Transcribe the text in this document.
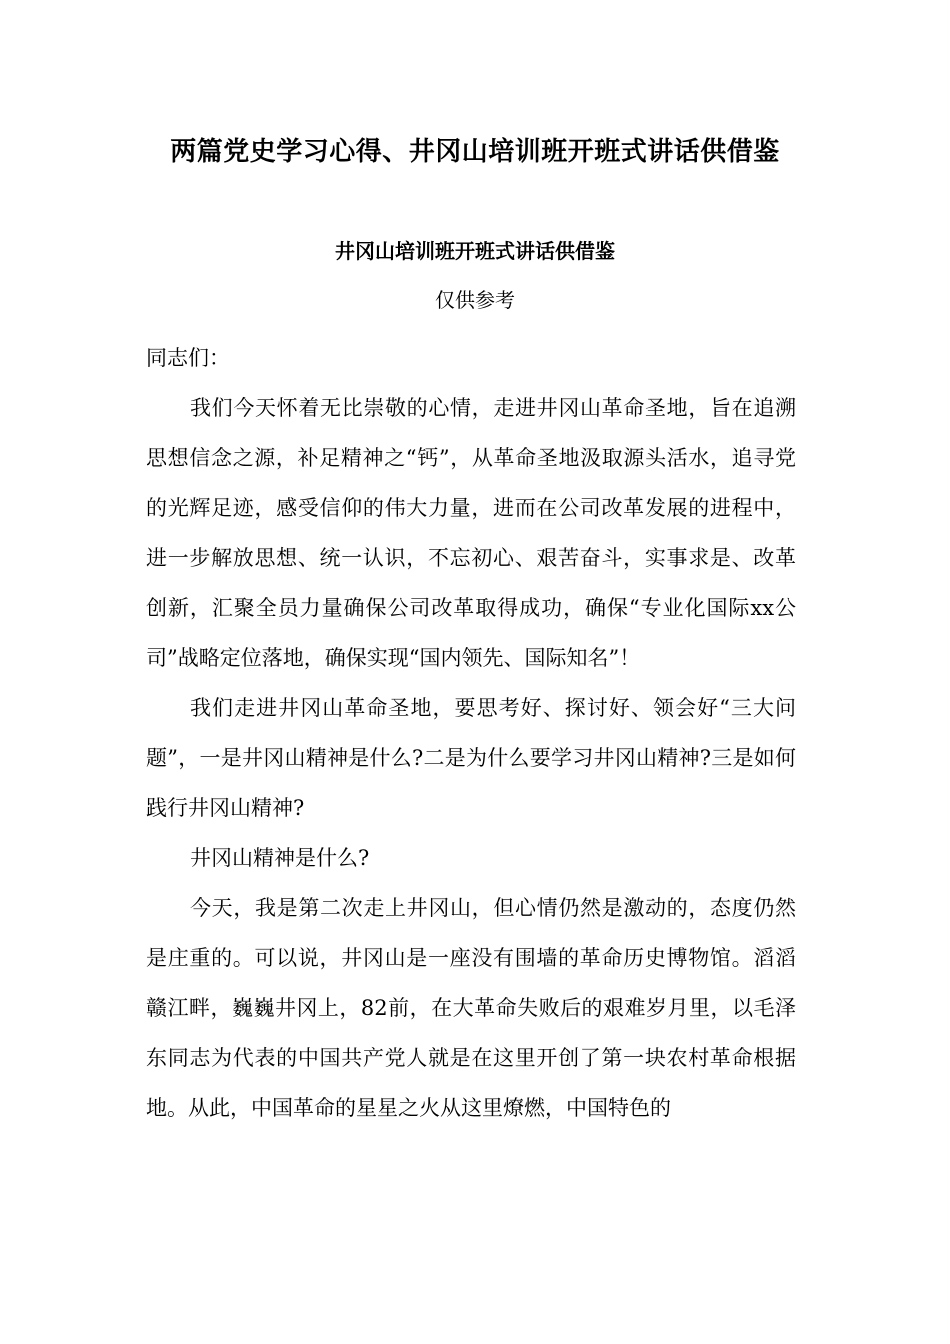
两篇党史学习心得、井冈山培训班开班式讲话供借鉴
井冈山培训班开班式讲话供借鉴
仅供参考

同志们：

我们今天怀着无比崇敬的心情，走进井冈山革命圣地，旨在追溯思想信念之源，补足精神之“钙”，从革命圣地汲取源头活水，追寻党的光辉足迹，感受信仰的伟大力量，进而在公司改革发展的进程中，进一步解放思想、统一认识，不忘初心、艰苦奋斗，实事求是、改革创新，汇聚全员力量确保公司改革取得成功，确保“专业化国际xx公司”战略定位落地，确保实现“国内领先、国际知名”！

我们走进井冈山革命圣地，要思考好、探讨好、领会好“三大问题”，一是井冈山精神是什么?二是为什么要学习井冈山精神?三是如何践行井冈山精神?

井冈山精神是什么?

今天，我是第二次走上井冈山，但心情仍然是激动的，态度仍然是庄重的。可以说，井冈山是一座没有围墙的革命历史博物馆。滔滔赣江畔，巍巍井冈上，82前，在大革命失败后的艰难岁月里，以毛泽东同志为代表的中国共产党人就是在这里开创了第一块农村革命根据地。从此，中国革命的星星之火从这里燎燃，中国特色的
